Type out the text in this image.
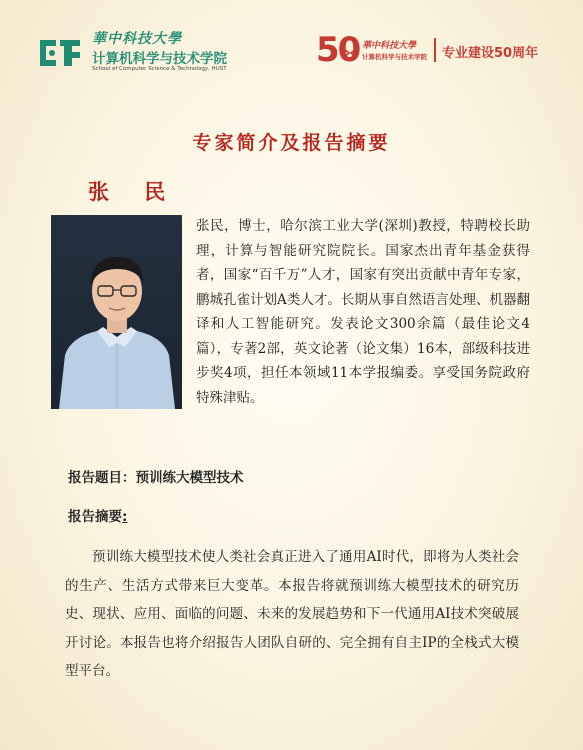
華中科技大學
计算机科学与技术学院
School of Computer Science & Technology, HUST	50 華中科技大學
计算机科学与技术学院 专业建设50周年
专家简介及报告摘要
张 民
张民，博士，哈尔滨工业大学(深圳)教授，特聘校长助理，计算与智能研究院院长。国家杰出青年基金获得者，国家“百千万”人才，国家有突出贡献中青年专家，鹏城孔雀计划A类人才。长期从事自然语言处理、机器翻译和人工智能研究。发表论文300余篇（最佳论文4篇），专著2部，英文论著（论文集）16本，部级科技进步奖4项，担任本领域11本学报编委。享受国务院政府特殊津贴。
报告题目：预训练大模型技术
报告摘要:
预训练大模型技术使人类社会真正进入了通用AI时代，即将为人类社会的生产、生活方式带来巨大变革。本报告将就预训练大模型技术的研究历史、现状、应用、面临的问题、未来的发展趋势和下一代通用AI技术突破展开讨论。本报告也将介绍报告人团队自研的、完全拥有自主IP的全栈式大模型平台。
